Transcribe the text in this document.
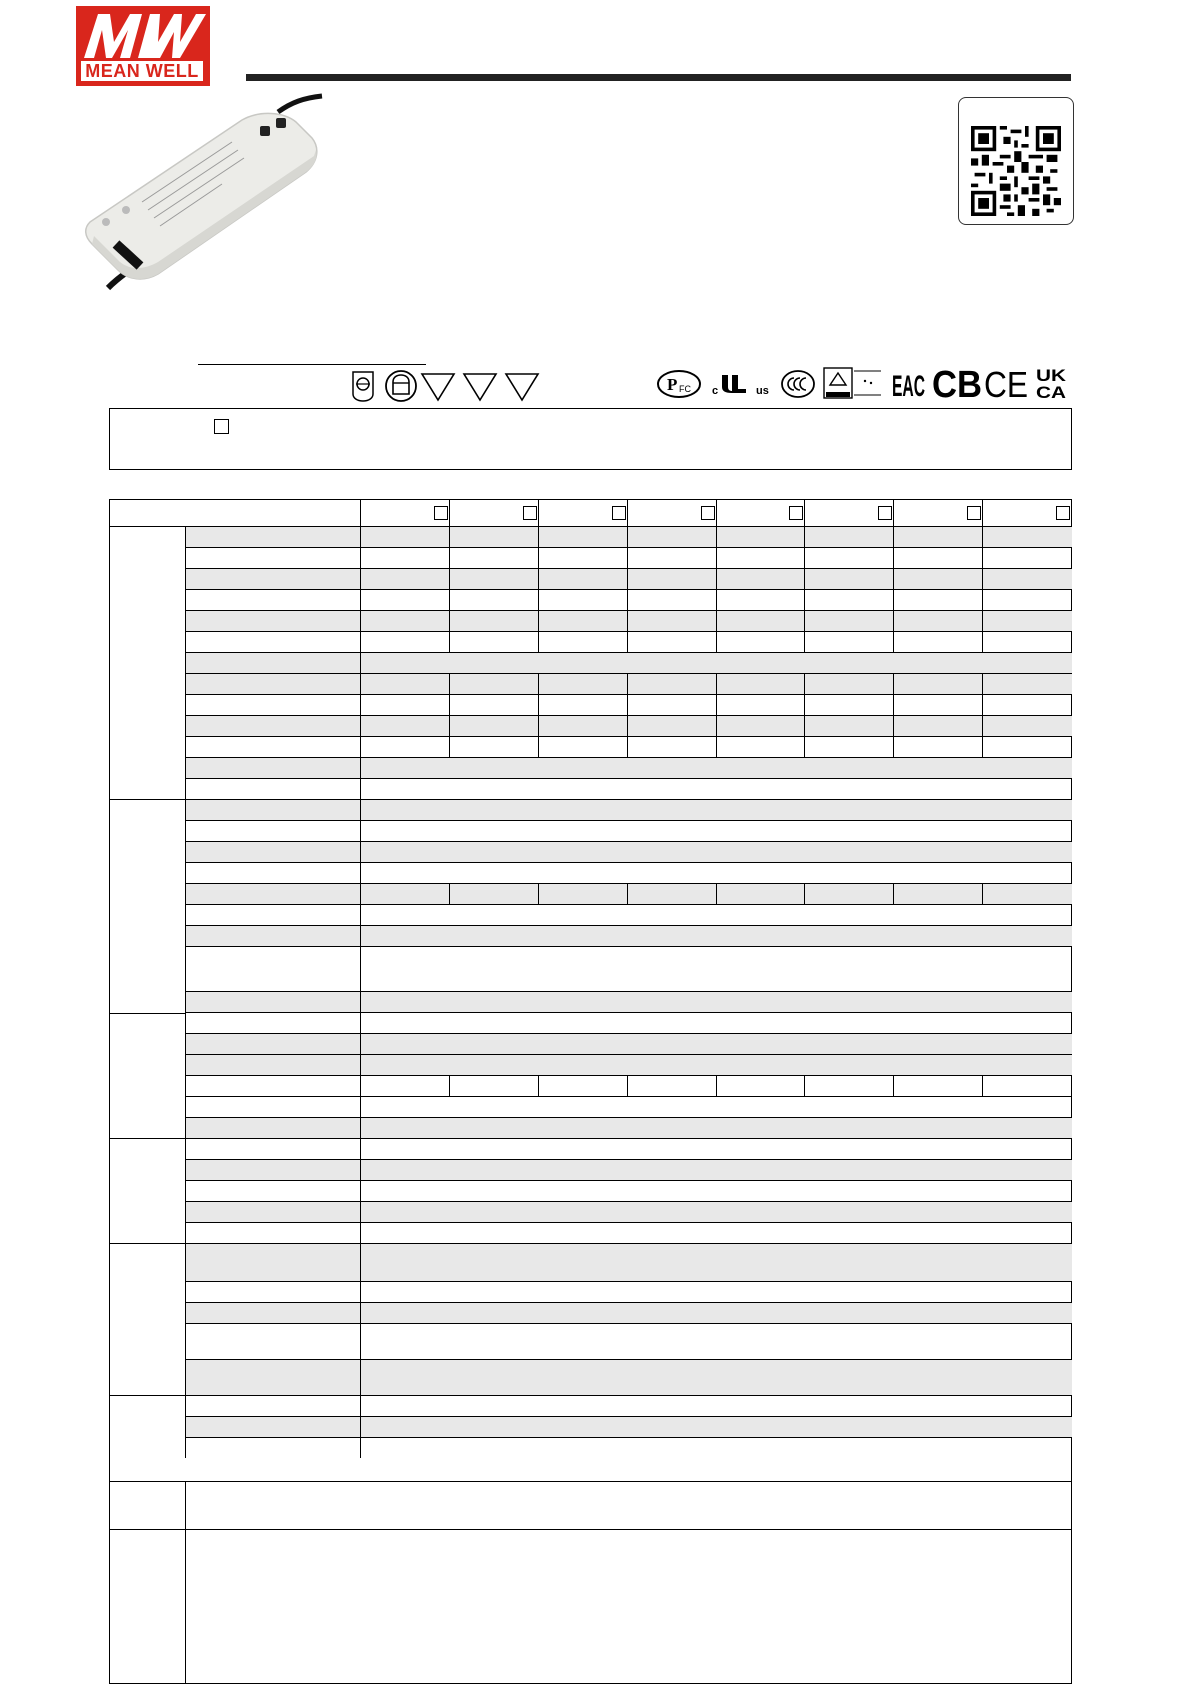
MEAN WELL
P FC c	us	EAC CB CE UK
CA
